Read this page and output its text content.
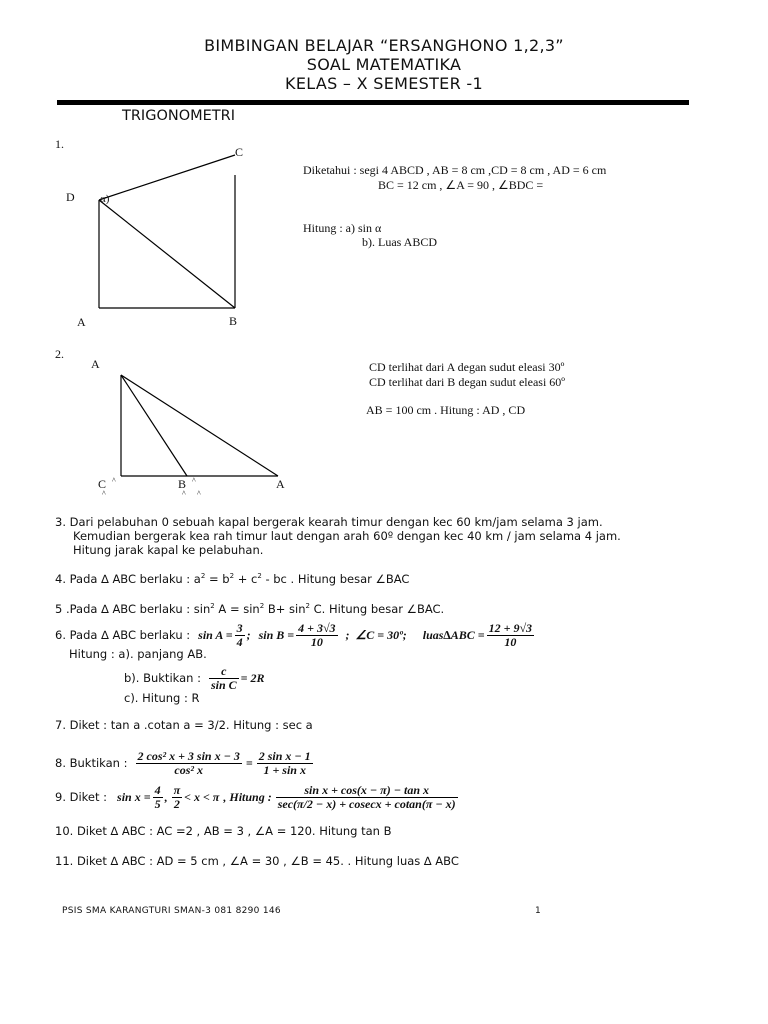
BIMBINGAN BELAJAR “ERSANGHONO 1,2,3”
SOAL MATEMATIKA
KELAS – X SEMESTER -1
TRIGONOMETRI
1.
C
D α)
A	B
Diketahui : segi 4 ABCD , AB = 8 cm ,CD = 8 cm , AD = 6 cm
BC = 12 cm , ∠A = 90 , ∠BDC =
Hitung : a) sin α
b). Luas ABCD
2.
A
C ^
^
B ^
^ ^
A
CD terlihat dari A degan sudut eleasi 30º
CD terlihat dari B degan sudut eleasi 60º
AB = 100 cm . Hitung : AD , CD
3. Dari pelabuhan 0 sebuah kapal bergerak kearah timur dengan kec 60 km/jam selama 3 jam.
Kemudian bergerak kea rah timur laut dengan arah 60º dengan kec 40 km / jam selama 4 jam.
Hitung jarak kapal ke pelabuhan.
4. Pada ∆ ABC berlaku : $a^2 = b^2 + c^2$ - bc . Hitung besar ∠BAC
5 .Pada ∆ ABC berlaku : $\sin^2 A = \sin^2 B+ \sin^2 C$. Hitung besar ∠BAC.
6. Pada ∆ ABC berlaku : $\sin A = \frac{3}{4}$ ; $\sin B = \frac{4 + 3√3}{10}$ ; ∠C = 30º; luas∆ABC = $\frac{12 + 9√3}{10}$
Hitung : a). panjang AB.
b). Buktikan : $\frac{c}{\text{sin C}} = 2R$
c). Hitung : R
7. Diket : tan a .cotan a = 3/2. Hitung : sec a
8. Buktikan : $\frac{\text{2 cos² x + 3 sin x − 3}}{\text{cos² x}} = \frac{\text{2 sin x − 1}}{\text{1 + sin x}}$
9. Diket : $\sin x = \frac{4}{5}$ , $\frac{\pi}{2} < x < \pi$ , Hitung : $\frac{\text{sin x + cos(x − π) − tan x}}{\sec(\pi/2 - x) + cosecx + cotan(\pi - x)}$
10. Diket ∆ ABC : AC =2 , AB = 3 , ∠A = 120. Hitung tan B
11. Diket ∆ ABC : AD = 5 cm , ∠A = 30 , ∠B = 45. . Hitung luas ∆ ABC
PSIS SMA KARANGTURI SMAN-3 081 8290 146	1
